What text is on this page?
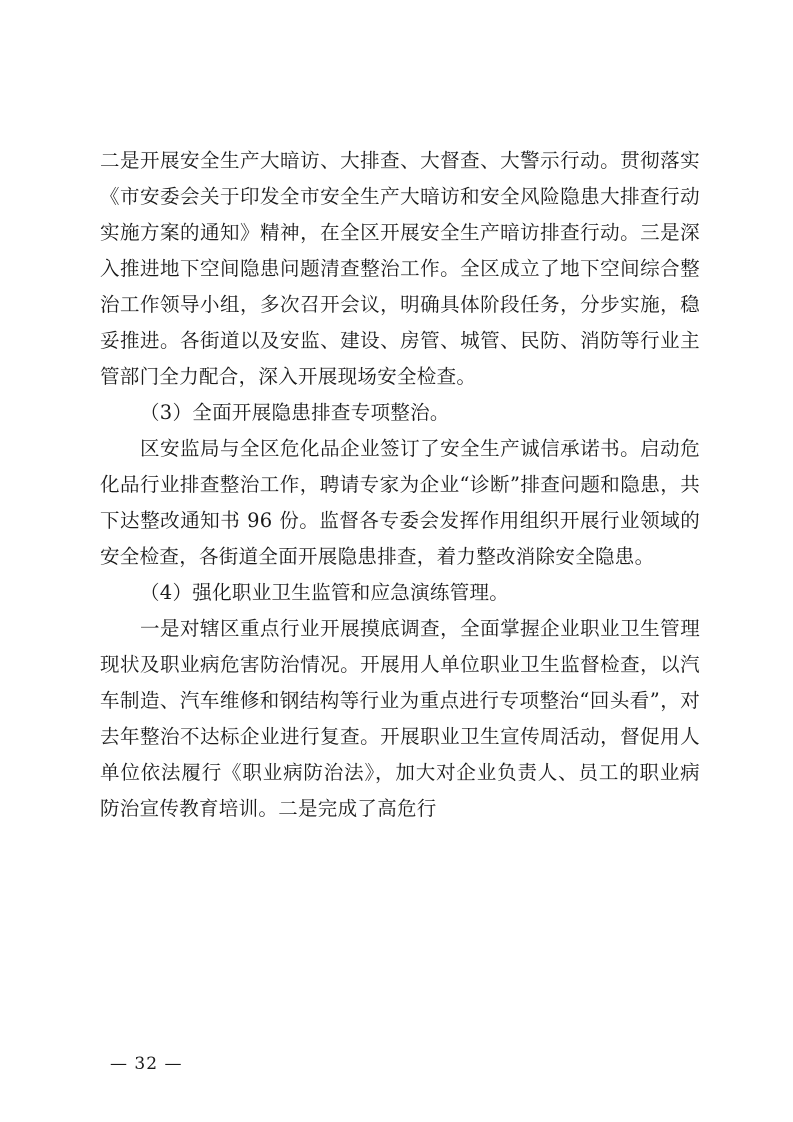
二是开展安全生产大暗访、大排查、大督查、大警示行动。贯彻落实《市安委会关于印发全市安全生产大暗访和安全风险隐患大排查行动实施方案的通知》精神，在全区开展安全生产暗访排查行动。三是深入推进地下空间隐患问题清查整治工作。全区成立了地下空间综合整治工作领导小组，多次召开会议，明确具体阶段任务，分步实施，稳妥推进。各街道以及安监、建设、房管、城管、民防、消防等行业主管部门全力配合，深入开展现场安全检查。

（3）全面开展隐患排查专项整治。

区安监局与全区危化品企业签订了安全生产诚信承诺书。启动危化品行业排查整治工作，聘请专家为企业“诊断”排查问题和隐患，共下达整改通知书 96 份。监督各专委会发挥作用组织开展行业领域的安全检查，各街道全面开展隐患排查，着力整改消除安全隐患。

（4）强化职业卫生监管和应急演练管理。

一是对辖区重点行业开展摸底调查，全面掌握企业职业卫生管理现状及职业病危害防治情况。开展用人单位职业卫生监督检查，以汽车制造、汽车维修和钢结构等行业为重点进行专项整治“回头看”，对去年整治不达标企业进行复查。开展职业卫生宣传周活动，督促用人单位依法履行《职业病防治法》，加大对企业负责人、员工的职业病防治宣传教育培训。二是完成了高危行

— 32 —
